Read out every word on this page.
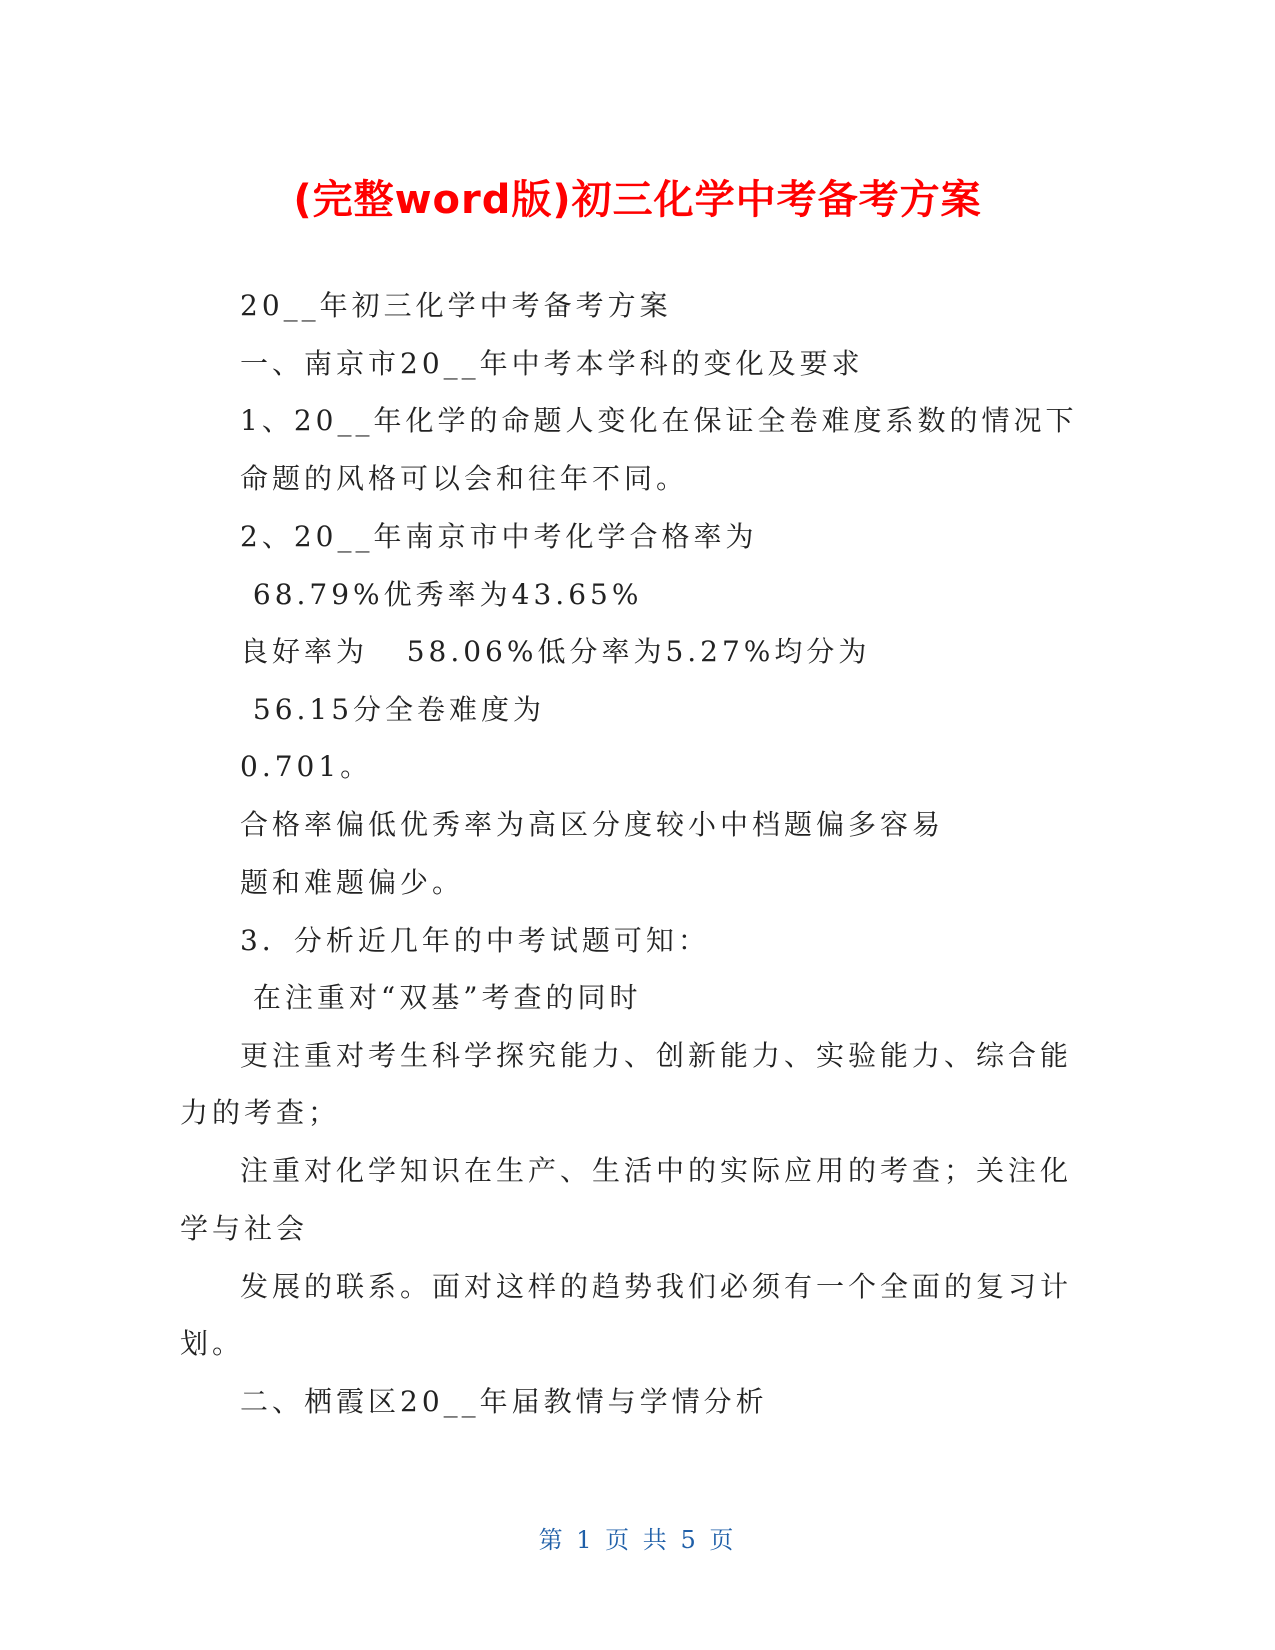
(完整word版)初三化学中考备考方案
20__年初三化学中考备考方案
一、南京市20__年中考本学科的变化及要求
1、20__年化学的命题人变化在保证全卷难度系数的情况下
命题的风格可以会和往年不同。
2、20__年南京市中考化学合格率为
68.79%优秀率为43.65%
良好率为   58.06%低分率为5.27%均分为
56.15分全卷难度为
0.701。
合格率偏低优秀率为高区分度较小中档题偏多容易
题和难题偏少。
3．分析近几年的中考试题可知：
在注重对“双基”考查的同时
更注重对考生科学探究能力、创新能力、实验能力、综合能
力的考查；
注重对化学知识在生产、生活中的实际应用的考查；关注化
学与社会
发展的联系。面对这样的趋势我们必须有一个全面的复习计
划。
二、栖霞区20__年届教情与学情分析
第 1 页 共 5 页
